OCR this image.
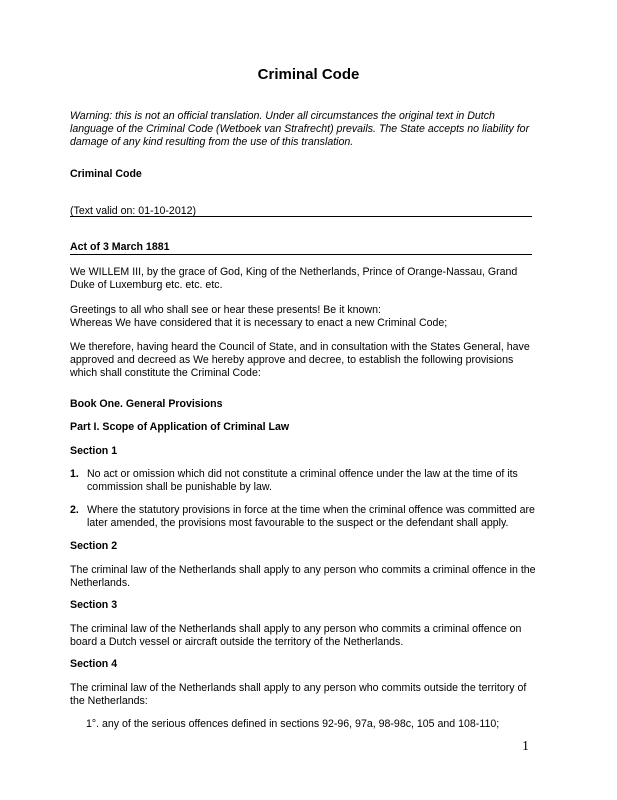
Criminal Code
Warning: this is not an official translation. Under all circumstances the original text in Dutch language of the Criminal Code (Wetboek van Strafrecht) prevails. The State accepts no liability for damage of any kind resulting from the use of this translation.
Criminal Code
(Text valid on: 01-10-2012)
Act of 3 March 1881
We WILLEM III, by the grace of God, King of the Netherlands, Prince of Orange-Nassau, Grand Duke of Luxemburg etc. etc. etc.
Greetings to all who shall see or hear these presents! Be it known:
Whereas We have considered that it is necessary to enact a new Criminal Code;
We therefore, having heard the Council of State, and in consultation with the States General, have approved and decreed as We hereby approve and decree, to establish the following provisions which shall constitute the Criminal Code:
Book One. General Provisions
Part I. Scope of Application of Criminal Law
Section 1
1. No act or omission which did not constitute a criminal offence under the law at the time of its commission shall be punishable by law.
2. Where the statutory provisions in force at the time when the criminal offence was committed are later amended, the provisions most favourable to the suspect or the defendant shall apply.
Section 2
The criminal law of the Netherlands shall apply to any person who commits a criminal offence in the Netherlands.
Section 3
The criminal law of the Netherlands shall apply to any person who commits a criminal offence on board a Dutch vessel or aircraft outside the territory of the Netherlands.
Section 4
The criminal law of the Netherlands shall apply to any person who commits outside the territory of the Netherlands:
1°. any of the serious offences defined in sections 92-96, 97a, 98-98c, 105 and 108-110;
1
